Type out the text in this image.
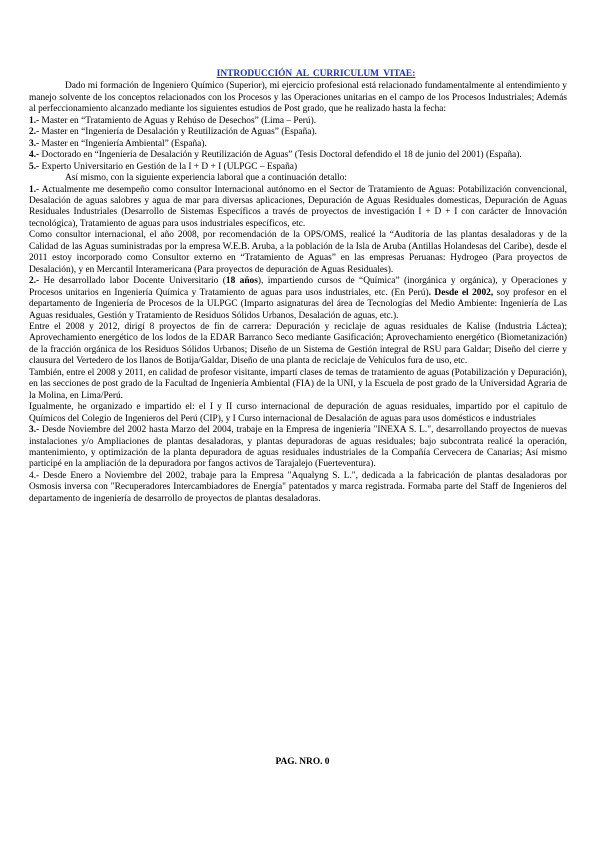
INTRODUCCIÓN AL CURRICULUM VITAE:

Dado mi formación de Ingeniero Químico (Superior), mi ejercicio profesional está relacionado fundamentalmente al entendimiento y manejo solvente de los conceptos relacionados con los Procesos y las Operaciones unitarias en el campo de los Procesos Industriales; Además al perfeccionamiento alcanzado mediante los siguientes estudios de Post grado, que he realizado hasta la fecha:

1.- Master en “Tratamiento de Aguas y Rehúso de Desechos” (Lima – Perú).

2.- Master en “Ingeniería de Desalación y Reutilización de Aguas” (España).

3.- Master en “Ingeniería Ambiental” (España).

4.- Doctorado en “Ingeniería de Desalación y Reutilización de Aguas” (Tesis Doctoral defendido el 18 de junio del 2001) (España).

5.- Experto Universitario en Gestión de la I + D + I (ULPGC – España)

Así mismo, con la siguiente experiencia laboral que a continuación detallo:

1.- Actualmente me desempeño como consultor Internacional autónomo en el Sector de Tratamiento de Aguas: Potabilización convencional, Desalación de aguas salobres y agua de mar para diversas aplicaciones, Depuración de Aguas Residuales domesticas, Depuración de Aguas Residuales Industriales (Desarrollo de Sistemas Específicos a través de proyectos de investigación I + D + I con carácter de Innovación tecnológica), Tratamiento de aguas para usos industriales específicos, etc.

Como consultor internacional, el año 2008, por recomendación de la OPS/OMS, realicé la “Auditoria de las plantas desaladoras y de la Calidad de las Aguas suministradas por la empresa W.E.B. Aruba, a la población de la Isla de Aruba (Antillas Holandesas del Caribe), desde el 2011 estoy incorporado como Consultor externo en “Tratamiento de Aguas” en las empresas Peruanas: Hydrogeo (Para proyectos de Desalación), y en Mercantil Interamericana (Para proyectos de depuración de Aguas Residuales).

2.- He desarrollado labor Docente Universitario (18 años), impartiendo cursos de “Química” (inorgánica y orgánica), y Operaciones y Procesos unitarios en Ingeniería Química y Tratamiento de aguas para usos industriales, etc. (En Perú). Desde el 2002, soy profesor en el departamento de Ingeniería de Procesos de la ULPGC (Imparto asignaturas del área de Tecnologías del Medio Ambiente: Ingeniería de Las Aguas residuales, Gestión y Tratamiento de Residuos Sólidos Urbanos, Desalación de aguas, etc.).

Entre el 2008 y 2012, dirigí 8 proyectos de fin de carrera: Depuración y reciclaje de aguas residuales de Kalise (Industria Láctea); Aprovechamiento energético de los lodos de la EDAR Barranco Seco mediante Gasificación; Aprovechamiento energético (Biometanización) de la fracción orgánica de los Residuos Sólidos Urbanos; Diseño de un Sistema de Gestión integral de RSU para Galdar; Diseño del cierre y clausura del Vertedero de los llanos de Botija/Galdar, Diseño de una planta de reciclaje de Vehículos fura de uso, etc.

También, entre el 2008 y 2011, en calidad de profesor visitante, impartí clases de temas de tratamiento de aguas (Potabilización y Depuración), en las secciones de post grado de la Facultad de Ingeniería Ambiental (FIA) de la UNI, y la Escuela de post grado de la Universidad Agraria de la Molina, en Lima/Perú.

Igualmente, he organizado e impartido el: el I y II curso internacional de depuración de aguas residuales, impartido por el capitulo de Químicos del Colegio de Ingenieros del Perú (CIP), y I Curso internacional de Desalación de aguas para usos domésticos e industriales

3.- Desde Noviembre del 2002 hasta Marzo del 2004, trabaje en la Empresa de ingeniería "INEXA S. L.", desarrollando proyectos de nuevas instalaciones y/o Ampliaciones de plantas desaladoras, y plantas depuradoras de aguas residuales; bajo subcontrata realicé la operación, mantenimiento, y optimización de la planta depuradora de aguas residuales industriales de la Compañía Cervecera de Canarias; Así mismo participé en la ampliación de la depuradora por fangos activos de Tarajalejo (Fuerteventura).

4.- Desde Enero a Noviembre del 2002, trabaje para la Empresa "Aqualyng S. L.", dedicada a la fabricación de plantas desaladoras por Osmosis inversa con "Recuperadores Intercambiadores de Energía" patentados y marca registrada. Formaba parte del Staff de Ingenieros del departamento de ingeniería de desarrollo de proyectos de plantas desaladoras.

PAG. NRO. 0
